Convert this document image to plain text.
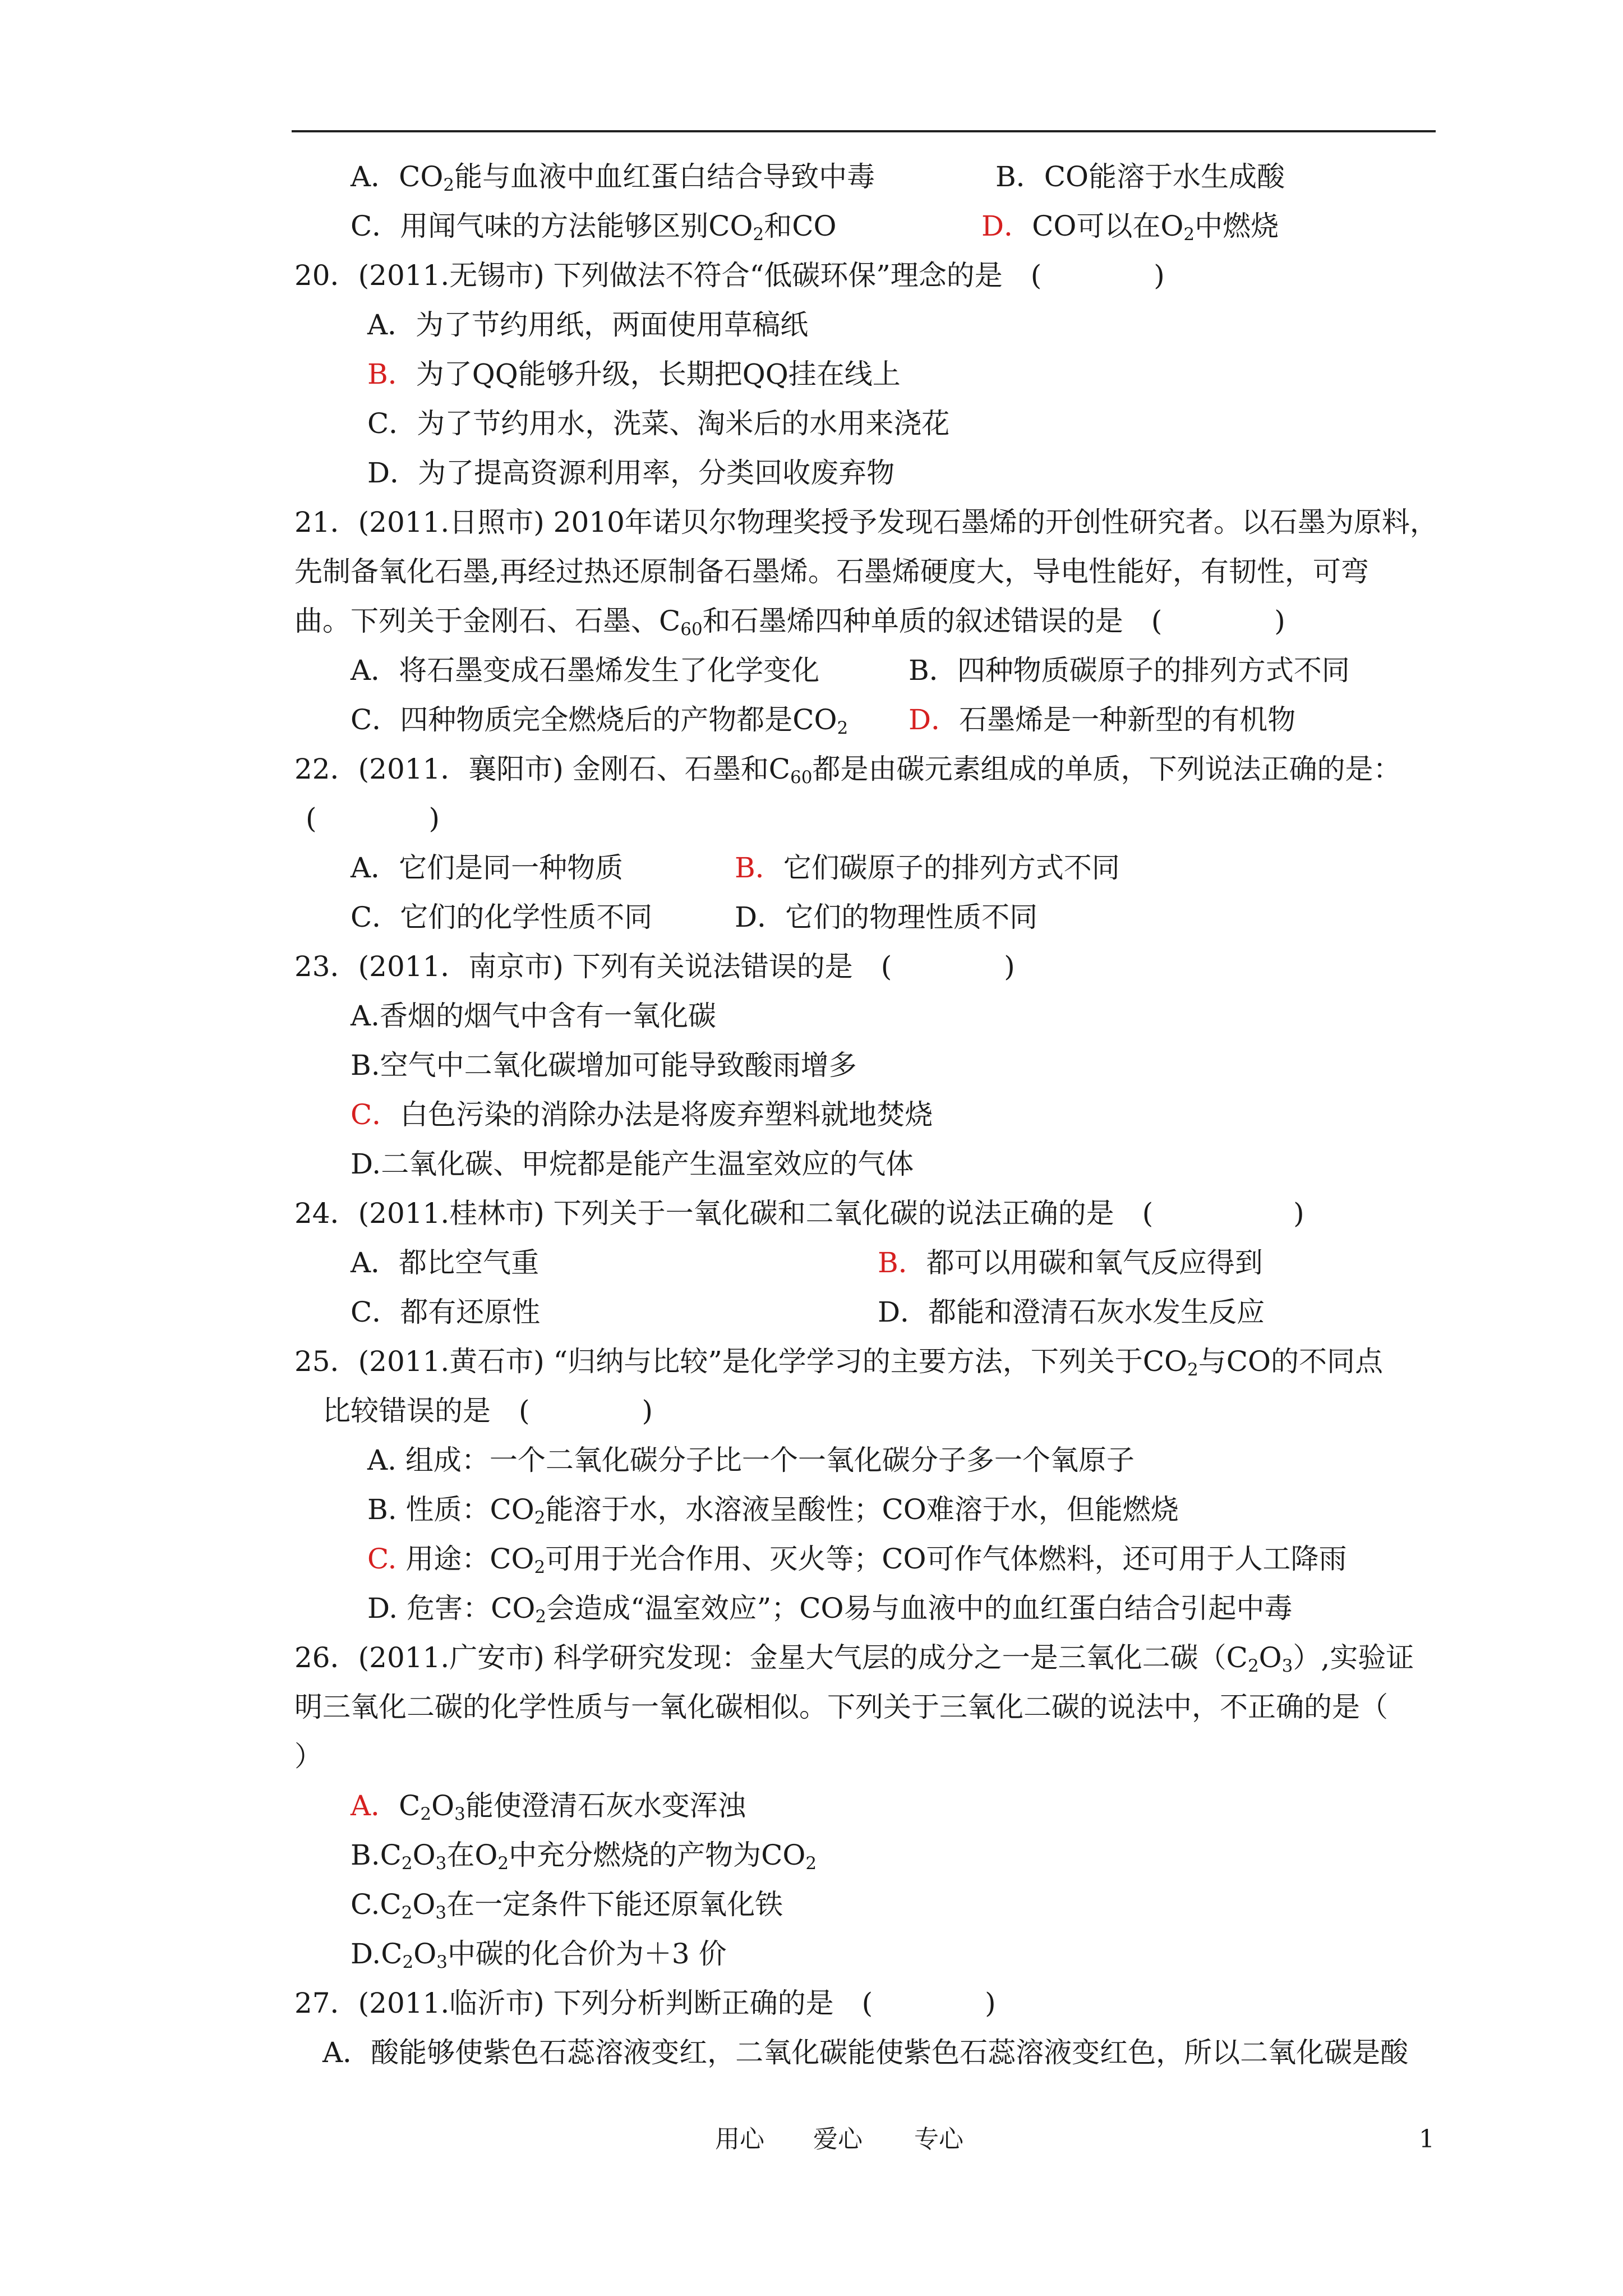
A．$CO_2$能与血液中血红蛋白结合导致中毒	B．CO能溶于水生成酸
C．用闻气味的方法能够区别$CO_2$和CO	D．CO可以在$O_2$中燃烧
20．(2011.无锡市) 下列做法不符合“低碳环保”理念的是　(　　　　)
A．为了节约用纸，两面使用草稿纸
B．为了QQ能够升级，长期把QQ挂在线上
C．为了节约用水，洗菜、淘米后的水用来浇花
D．为了提高资源利用率，分类回收废弃物
21．(2011.日照市) 2010年诺贝尔物理奖授予发现石墨烯的开创性研究者。以石墨为原料，
先制备氧化石墨,再经过热还原制备石墨烯。石墨烯硬度大，导电性能好，有韧性，可弯
曲。下列关于金刚石、石墨、$C_{60}$和石墨烯四种单质的叙述错误的是　(　　　　)
A．将石墨变成石墨烯发生了化学变化	B．四种物质碳原子的排列方式不同
C．四种物质完全燃烧后的产物都是$CO_2$ D．石墨烯是一种新型的有机物
22．(2011．襄阳市) 金刚石、石墨和$C_{60}$都是由碳元素组成的单质，下列说法正确的是：
(　　　　)
A．它们是同一种物质	B．它们碳原子的排列方式不同
C．它们的化学性质不同	D．它们的物理性质不同
23．(2011．南京市) 下列有关说法错误的是　(　　　　)
A.香烟的烟气中含有一氧化碳
B.空气中二氧化碳增加可能导致酸雨增多
C．白色污染的消除办法是将废弃塑料就地焚烧
D.二氧化碳、甲烷都是能产生温室效应的气体
24．(2011.桂林市) 下列关于一氧化碳和二氧化碳的说法正确的是　(　　　　　)
A．都比空气重	B．都可以用碳和氧气反应得到
C．都有还原性	D．都能和澄清石灰水发生反应
25．(2011.黄石市) “归纳与比较”是化学学习的主要方法，下列关于$CO_2$与CO的不同点
比较错误的是　(　　　　)
A. 组成：一个二氧化碳分子比一个一氧化碳分子多一个氧原子
B. 性质：$CO_2$能溶于水，水溶液呈酸性；CO难溶于水，但能燃烧
C. 用途：$CO_2$可用于光合作用、灭火等；CO可作气体燃料，还可用于人工降雨
D. 危害：$CO_2$会造成“温室效应”；CO易与血液中的血红蛋白结合引起中毒
26．(2011.广安市) 科学研究发现：金星大气层的成分之一是三氧化二碳$(C_2O_3)$,实验证
明三氧化二碳的化学性质与一氧化碳相似。下列关于三氧化二碳的说法中，不正确的是（
）
A．$C_2O_3$能使澄清石灰水变浑浊
$B.C_2O_3$在$O_2$中充分燃烧的产物为$CO_2$
$C.C_2O_3$在一定条件下能还原氧化铁
$D.C_2O_3$中碳的化合价为＋3 价
27．(2011.临沂市) 下列分析判断正确的是　(　　　　)
A．酸能够使紫色石蕊溶液变红，二氧化碳能使紫色石蕊溶液变红色，所以二氧化碳是酸
用心 爱心 专心	1
